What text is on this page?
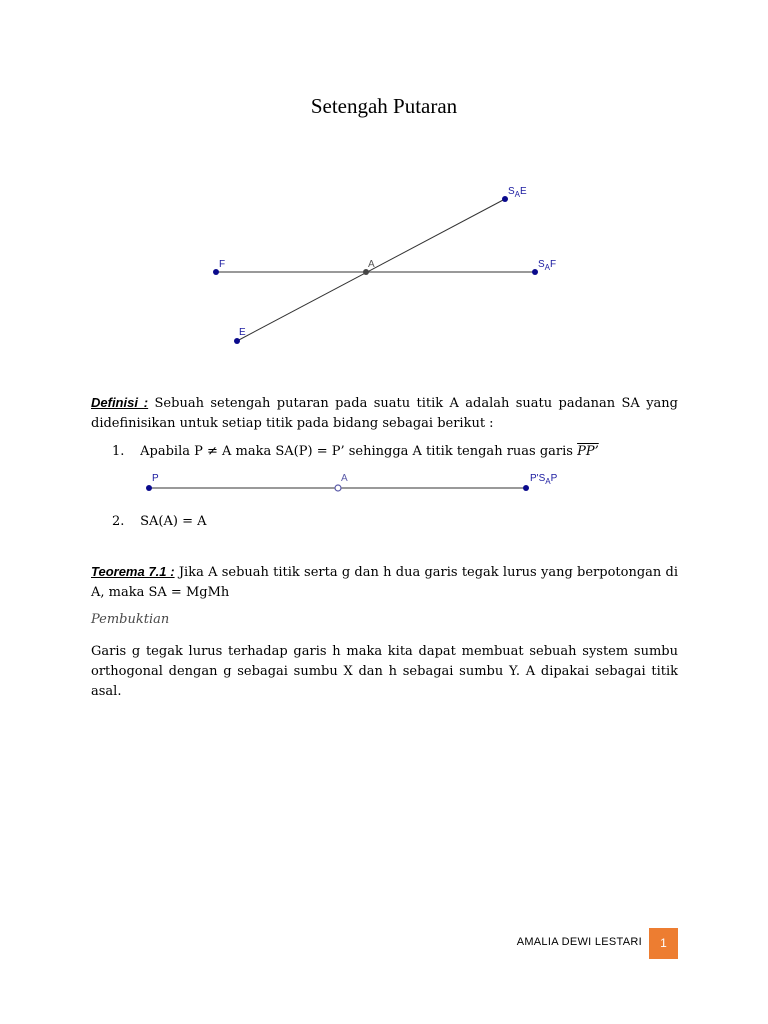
Setengah Putaran
F	A	$S_AF$
E
$S_AE$
Definisi : Sebuah setengah putaran pada suatu titik A adalah suatu padanan SA yang didefinisikan untuk setiap titik pada bidang sebagai berikut :
1. Apabila P ≠ A maka SA(P) = P’ sehingga A titik tengah ruas garis PP’
P	A	$P'S_AP$
2. SA(A) = A
Teorema 7.1 : Jika A sebuah titik serta g dan h dua garis tegak lurus yang berpotongan di A, maka SA = MgMh
Pembuktian
Garis g tegak lurus terhadap garis h maka kita dapat membuat sebuah system sumbu orthogonal dengan g sebagai sumbu X dan h sebagai sumbu Y. A dipakai sebagai titik asal.
AMALIA DEWI LESTARI	1
